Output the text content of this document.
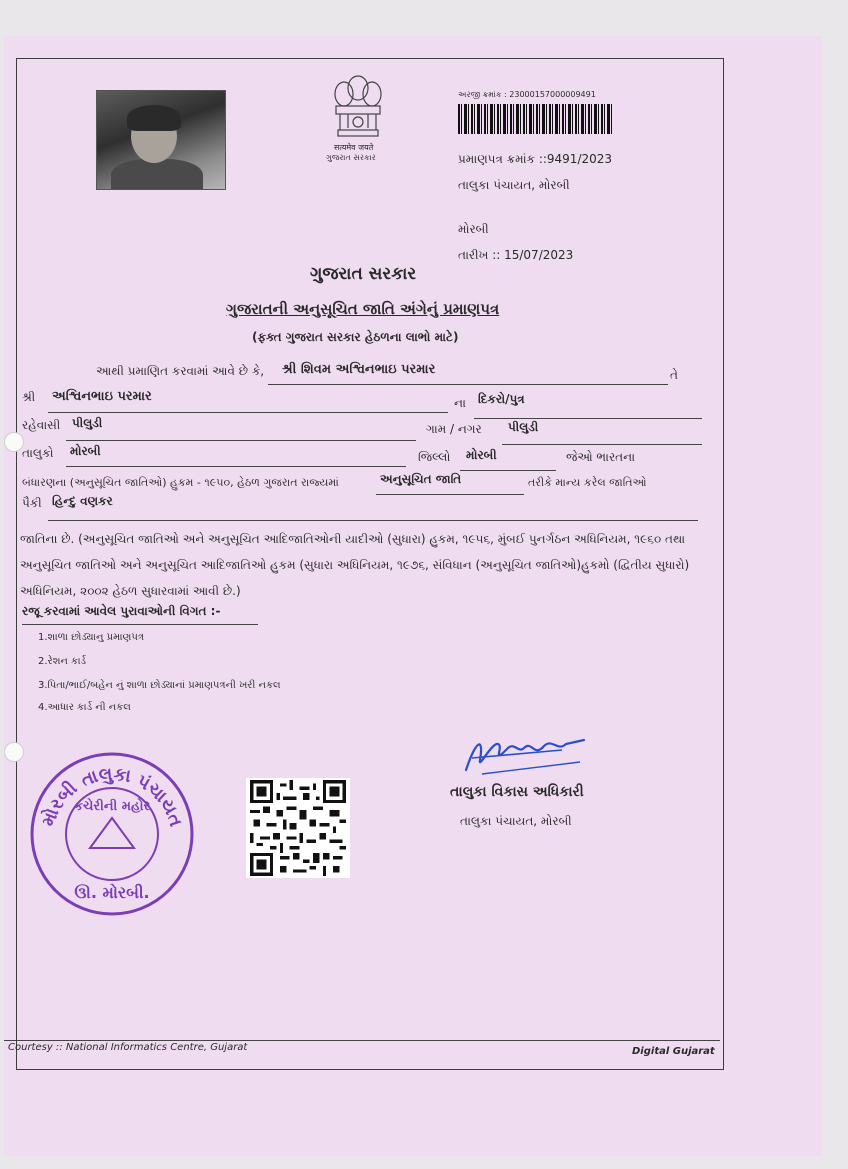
सत्यमेव जयते
ગુજરાત સરકાર
અરજી ક્રમાંક : 23000157000009491
પ્રમાણપત્ર ક્રમાંક ::9491/2023
તાલુકા પંચાયત, મોરબી
મોરબી
તારીખ :: 15/07/2023
ગુજરાત સરકાર
ગુજરાતની અનુસૂચિત જાતિ અંગેનું પ્રમાણપત્ર
(ફક્ત ગુજરાત સરકાર હેઠળના લાભો માટે)
આથી પ્રમાણિત કરવામાં આવે છે કે, શ્રી શિવમ અશ્વિનભાઇ પરમાર	તે
શ્રી અશ્વિનભાઇ પરમાર	ના દિકરો/પુત્ર
રહેવાસી પીલુડી	ગામ / નગર પીલુડી
તાલુકો મોરબી	જિલ્લો મોરબી	જેઓ ભારતના
બંધારણના (અનુસૂચિત જાતિઓ) હુકમ - ૧૯૫૦, હેઠળ ગુજરાત રાજ્યમાં	અનુસૂચિત જાતિ	તરીકે માન્ય કરેલ જાતિઓ
પૈકી હિન્દુ વણકર
જાતિના છે. (અનુસૂચિત જાતિઓ અને અનુસૂચિત આદિજાતિઓની યાદીઓ (સુધારા) હુકમ, ૧૯૫૬, મુંબઈ પુનર્ગઠન અધિનિયમ, ૧૯૬૦ તથા અનુસૂચિત જાતિઓ અને અનુસૂચિત આદિજાતિઓ હુકમ (સુધારા અધિનિયમ, ૧૯૭૬, સંવિધાન (અનુસૂચિત જાતિઓ)હુકમો (દ્વિતીય સુધારો) અધિનિયમ, ૨૦૦૨ હેઠળ સુધારવામાં આવી છે.)
રજૂ કરવામાં આવેલ પુરાવાઓની વિગત :-
1.શાળા છોડ્યાનુ પ્રમાણપત્ર
2.રેશન કાર્ડ
3.પિતા/ભાઈ/બહેન નું શાળા છોડ્યાનાં પ્રમાણપત્રની ખરી નકલ
4.આધાર કાર્ડ ની નકલ
મોરબી તાલુકા પંચાયત
કચેરીની મહોર
ઊ. મોરબી.
તાલુકા વિકાસ અધિકારી
તાલુકા પંચાયત, મોરબી
Courtesy :: National Informatics Centre, Gujarat	Digital Gujarat
